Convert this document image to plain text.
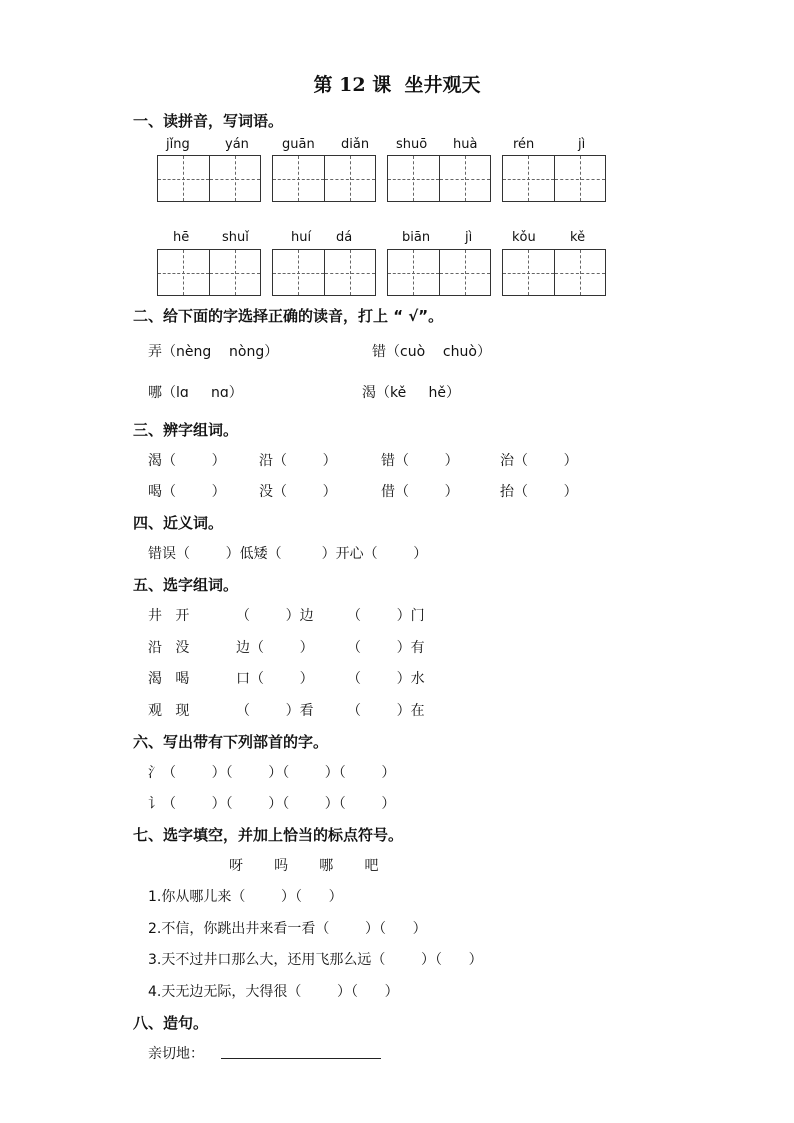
第 12 课  坐井观天
一、读拼音，写词语。
jǐng	yán	guān diǎn shuō huà	rén	jì
hē	shuǐ	huí dá	biān	jì	kǒu	kě
二、给下面的字选择正确的读音，打上 “ √”。
弄（nèng    nòng）	错（cuò    chuò）
哪（lɑ     nɑ）	渴（kě     hě）
三、辨字组词。
渴（        ） 沿（        ）	错（        ）	治（        ）
喝（        ） 没（        ）	借（        ）	抬（        ）
四、近义词。
错误（        ）低矮（         ）开心（        ）
五、选字组词。
井   开	（        ）边 （        ）门
沿   没	边（        ） （        ）有
渴   喝	口（        ） （        ）水
观   现	（        ）看 （        ）在
六、写出带有下列部首的字。
氵（        ）（        ）（        ）（        ）
讠（        ）（        ）（        ）（        ）
七、选字填空，并加上恰当的标点符号。
呀       吗       哪       吧
1.你从哪儿来（        ）（      ）
2.不信，你跳出井来看一看（        ）（      ）
3.天不过井口那么大，还用飞那么远（        ）（      ）
4.天无边无际，大得很（        ）（      ）
八、造句。
亲切地：
